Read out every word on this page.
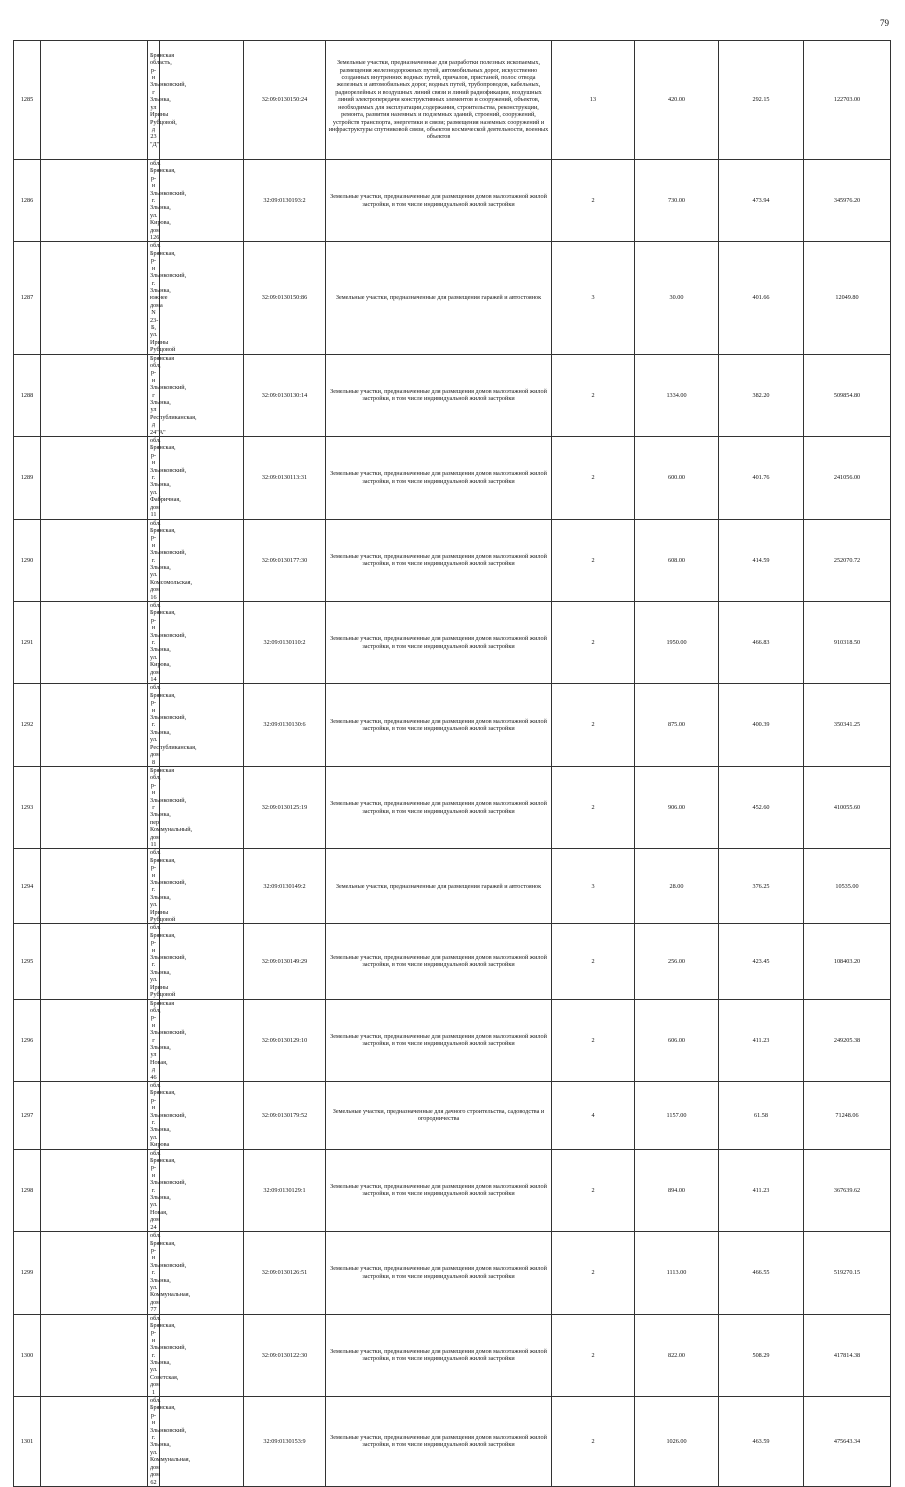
79
1285		Брянская область, р-н Злынковский, г Злынка, ул Ирины Рубцовой, д 23 "Д"		32:09:0130150:24	Земельные участки, предназначенные для разработки полезных ископаемых, размещения железнодорожных путей, автомобильных дорог, искусственно созданных внутренних водных путей, причалов, пристаней, полос отвода железных и автомобильных дорог, водных путей, трубопроводов, кабельных, радиорелейных и воздушных линий связи и линий радиофикации, воздушных линий электропередачи конструктивных элементов и сооружений, объектов, необходимых для эксплуатации,содержания, строительства, реконструкции, ремонта, развития наземных и подземных зданий, строений, сооружений, устройств транспорта, энергетики и связи; размещения наземных сооружений и инфраструктуры спутниковой связи, объектов космической деятельности, военных объектов	13	420.00	292.15	122703.00
1286		обл. Брянская, р-н Злынковский, г. Злынка, ул. Кирова, дом 126		32:09:0130193:2	Земельные участки, предназначенные для размещения домов малоэтажной жилой застройки, в том числе индивидуальной жилой застройки	2	730.00	473.94	345976.20
1287		обл. Брянская, р-н Злынковский, г. Злынка, южнее дома N 23-Б, ул. Ирины Рубцовой		32:09:0130150:86	Земельные участки, предназначенные для размещения гаражей и автостоянок	3	30.00	401.66	12049.80
1288		Брянская обл, р-н Злынковский, г Злынка, ул Республиканская, д 24"А"		32:09:0130130:14	Земельные участки, предназначенные для размещения домов малоэтажной жилой застройки, в том числе индивидуальной жилой застройки	2	1334.00	382.20	509854.80
1289		обл. Брянская, р-н Злынковский, г. Злынка, ул. Фабричная, дом 11		32:09:0130113:31	Земельные участки, предназначенные для размещения домов малоэтажной жилой застройки, в том числе индивидуальной жилой застройки	2	600.00	401.76	241056.00
1290		обл. Брянская, р-н Злынковский, г. Злынка, ул. Комсомольская, дом 16		32:09:0130177:30	Земельные участки, предназначенные для размещения домов малоэтажной жилой застройки, в том числе индивидуальной жилой застройки	2	608.00	414.59	252070.72
1291		обл. Брянская, р-н Злынковский, г. Злынка, ул. Кирова, дом 14		32:09:0130110:2	Земельные участки, предназначенные для размещения домов малоэтажной жилой застройки, в том числе индивидуальной жилой застройки	2	1950.00	466.83	910318.50
1292		обл. Брянская, р-н Злынковский, г. Злынка, ул. Республиканская, дом 8		32:09:0130130:6	Земельные участки, предназначенные для размещения домов малоэтажной жилой застройки, в том числе индивидуальной жилой застройки	2	875.00	400.39	350341.25
1293		Брянская обл, р-н Злынковский, г Злынка, пер Коммунальный, дом 11		32:09:0130125:19	Земельные участки, предназначенные для размещения домов малоэтажной жилой застройки, в том числе индивидуальной жилой застройки	2	906.00	452.60	410055.60
1294		обл. Брянская, р-н Злынковский, г. Злынка, ул. Ирины Рубцовой		32:09:0130149:2	Земельные участки, предназначенные для размещения гаражей и автостоянок	3	28.00	376.25	10535.00
1295		обл. Брянская, р-н Злынковский, г. Злынка, ул. Ирины Рубцовой		32:09:0130149:29	Земельные участки, предназначенные для размещения домов малоэтажной жилой застройки, в том числе индивидуальной жилой застройки	2	256.00	423.45	108403.20
1296		Брянская обл, р-н Злынковский, г Злынка, ул Новая, д 46		32:09:0130129:10	Земельные участки, предназначенные для размещения домов малоэтажной жилой застройки, в том числе индивидуальной жилой застройки	2	606.00	411.23	249205.38
1297		обл. Брянская, р-н Злынковский, г. Злынка, ул. Кирова		32:09:0130179:52	Земельные участки, предназначенные для дачного строительства, садоводства и огородничества	4	1157.00	61.58	71248.06
1298		обл. Брянская, р-н Злынковский, г. Злынка, ул. Новая, дом 24		32:09:0130129:1	Земельные участки, предназначенные для размещения домов малоэтажной жилой застройки, в том числе индивидуальной жилой застройки	2	894.00	411.23	367639.62
1299		обл. Брянская, р-н Злынковский, г. Злынка, ул. Коммунальная, дом 77		32:09:0130126:51	Земельные участки, предназначенные для размещения домов малоэтажной жилой застройки, в том числе индивидуальной жилой застройки	2	1113.00	466.55	519270.15
1300		обл. Брянская, р-н Злынковский, г. Злынка, ул. Советская, дом 1		32:09:0130122:30	Земельные участки, предназначенные для размещения домов малоэтажной жилой застройки, в том числе индивидуальной жилой застройки	2	822.00	508.29	417814.38
1301		обл. Брянская, р-н Злынковский, г. Злынка, ул. Коммунальная, дом дом 62		32:09:0130153:9	Земельные участки, предназначенные для размещения домов малоэтажной жилой застройки, в том числе индивидуальной жилой застройки	2	1026.00	463.59	475643.34
